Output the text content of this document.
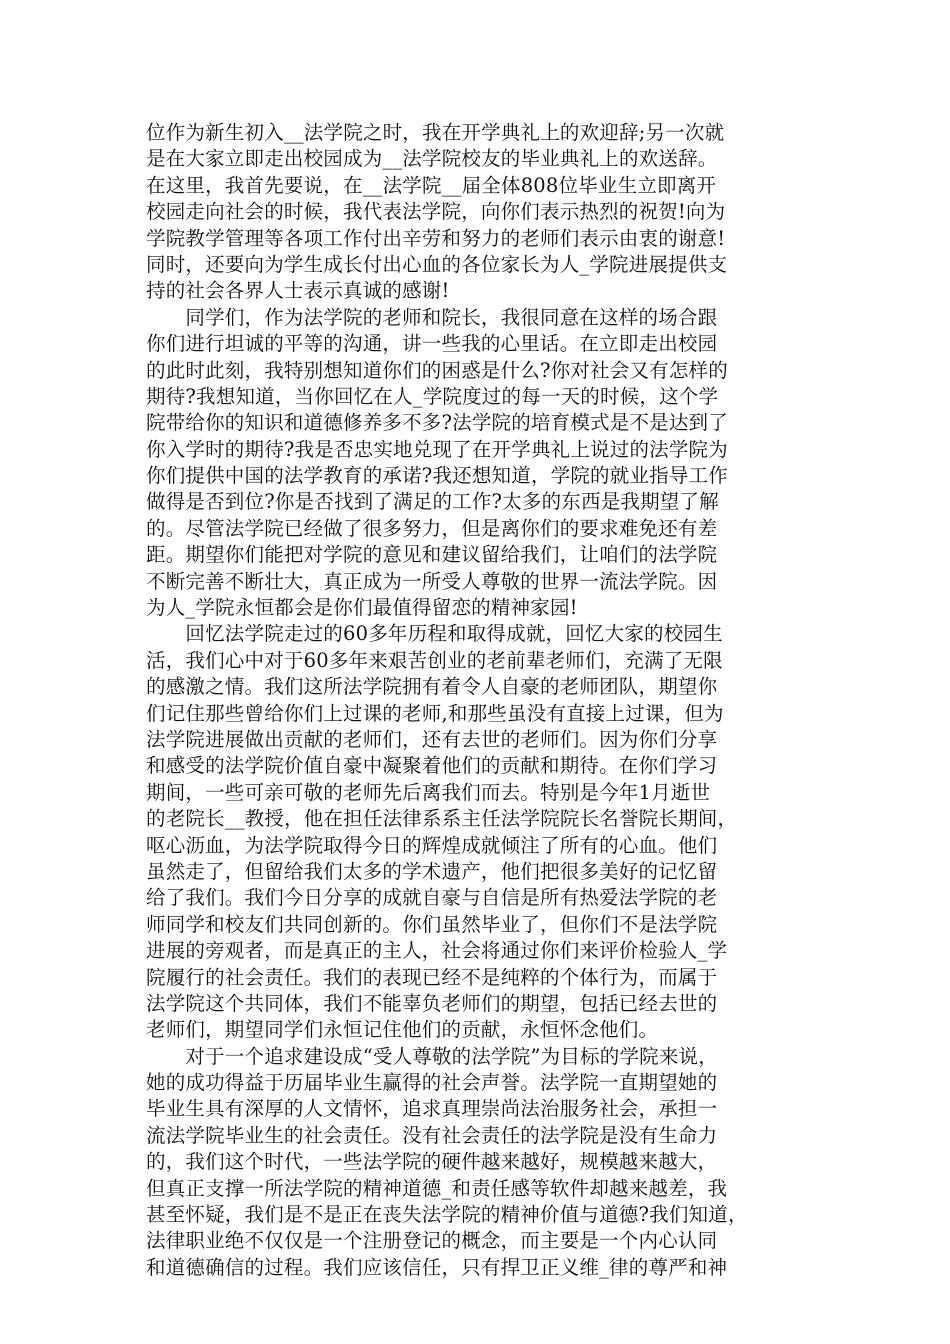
位作为新生初入__法学院之时，我在开学典礼上的欢迎辞;另一次就
是在大家立即走出校园成为__法学院校友的毕业典礼上的欢送辞。
在这里，我首先要说，在__法学院__届全体808位毕业生立即离开
校园走向社会的时候，我代表法学院，向你们表示热烈的祝贺!向为
学院教学管理等各项工作付出辛劳和努力的老师们表示由衷的谢意!
同时，还要向为学生成长付出心血的各位家长为人_学院进展提供支
持的社会各界人士表示真诚的感谢!
　　同学们，作为法学院的老师和院长，我很同意在这样的场合跟
你们进行坦诚的平等的沟通，讲一些我的心里话。在立即走出校园
的此时此刻，我特别想知道你们的困惑是什么?你对社会又有怎样的
期待?我想知道，当你回忆在人_学院度过的每一天的时候，这个学
院带给你的知识和道德修养多不多?法学院的培育模式是不是达到了
你入学时的期待?我是否忠实地兑现了在开学典礼上说过的法学院为
你们提供中国的法学教育的承诺?我还想知道，学院的就业指导工作
做得是否到位?你是否找到了满足的工作?太多的东西是我期望了解
的。尽管法学院已经做了很多努力，但是离你们的要求难免还有差
距。期望你们能把对学院的意见和建议留给我们，让咱们的法学院
不断完善不断壮大，真正成为一所受人尊敬的世界一流法学院。因
为人_学院永恒都会是你们最值得留恋的精神家园!
　　回忆法学院走过的60多年历程和取得成就，回忆大家的校园生
活，我们心中对于60多年来艰苦创业的老前辈老师们，充满了无限
的感激之情。我们这所法学院拥有着令人自豪的老师团队，期望你
们记住那些曾给你们上过课的老师,和那些虽没有直接上过课，但为
法学院进展做出贡献的老师们，还有去世的老师们。因为你们分享
和感受的法学院价值自豪中凝聚着他们的贡献和期待。在你们学习
期间，一些可亲可敬的老师先后离我们而去。特别是今年1月逝世
的老院长__教授，他在担任法律系系主任法学院院长名誉院长期间，
呕心沥血，为法学院取得今日的辉煌成就倾注了所有的心血。他们
虽然走了，但留给我们太多的学术遗产，他们把很多美好的记忆留
给了我们。我们今日分享的成就自豪与自信是所有热爱法学院的老
师同学和校友们共同创新的。你们虽然毕业了，但你们不是法学院
进展的旁观者，而是真正的主人，社会将通过你们来评价检验人_学
院履行的社会责任。我们的表现已经不是纯粹的个体行为，而属于
法学院这个共同体，我们不能辜负老师们的期望，包括已经去世的
老师们，期望同学们永恒记住他们的贡献，永恒怀念他们。
　　对于一个追求建设成“受人尊敬的法学院”为目标的学院来说，
她的成功得益于历届毕业生赢得的社会声誉。法学院一直期望她的
毕业生具有深厚的人文情怀，追求真理崇尚法治服务社会，承担一
流法学院毕业生的社会责任。没有社会责任的法学院是没有生命力
的，我们这个时代，一些法学院的硬件越来越好，规模越来越大，
但真正支撑一所法学院的精神道德_和责任感等软件却越来越差，我
甚至怀疑，我们是不是正在丧失法学院的精神价值与道德?我们知道，
法律职业绝不仅仅是一个注册登记的概念，而主要是一个内心认同
和道德确信的过程。我们应该信任，只有捍卫正义维_律的尊严和神
